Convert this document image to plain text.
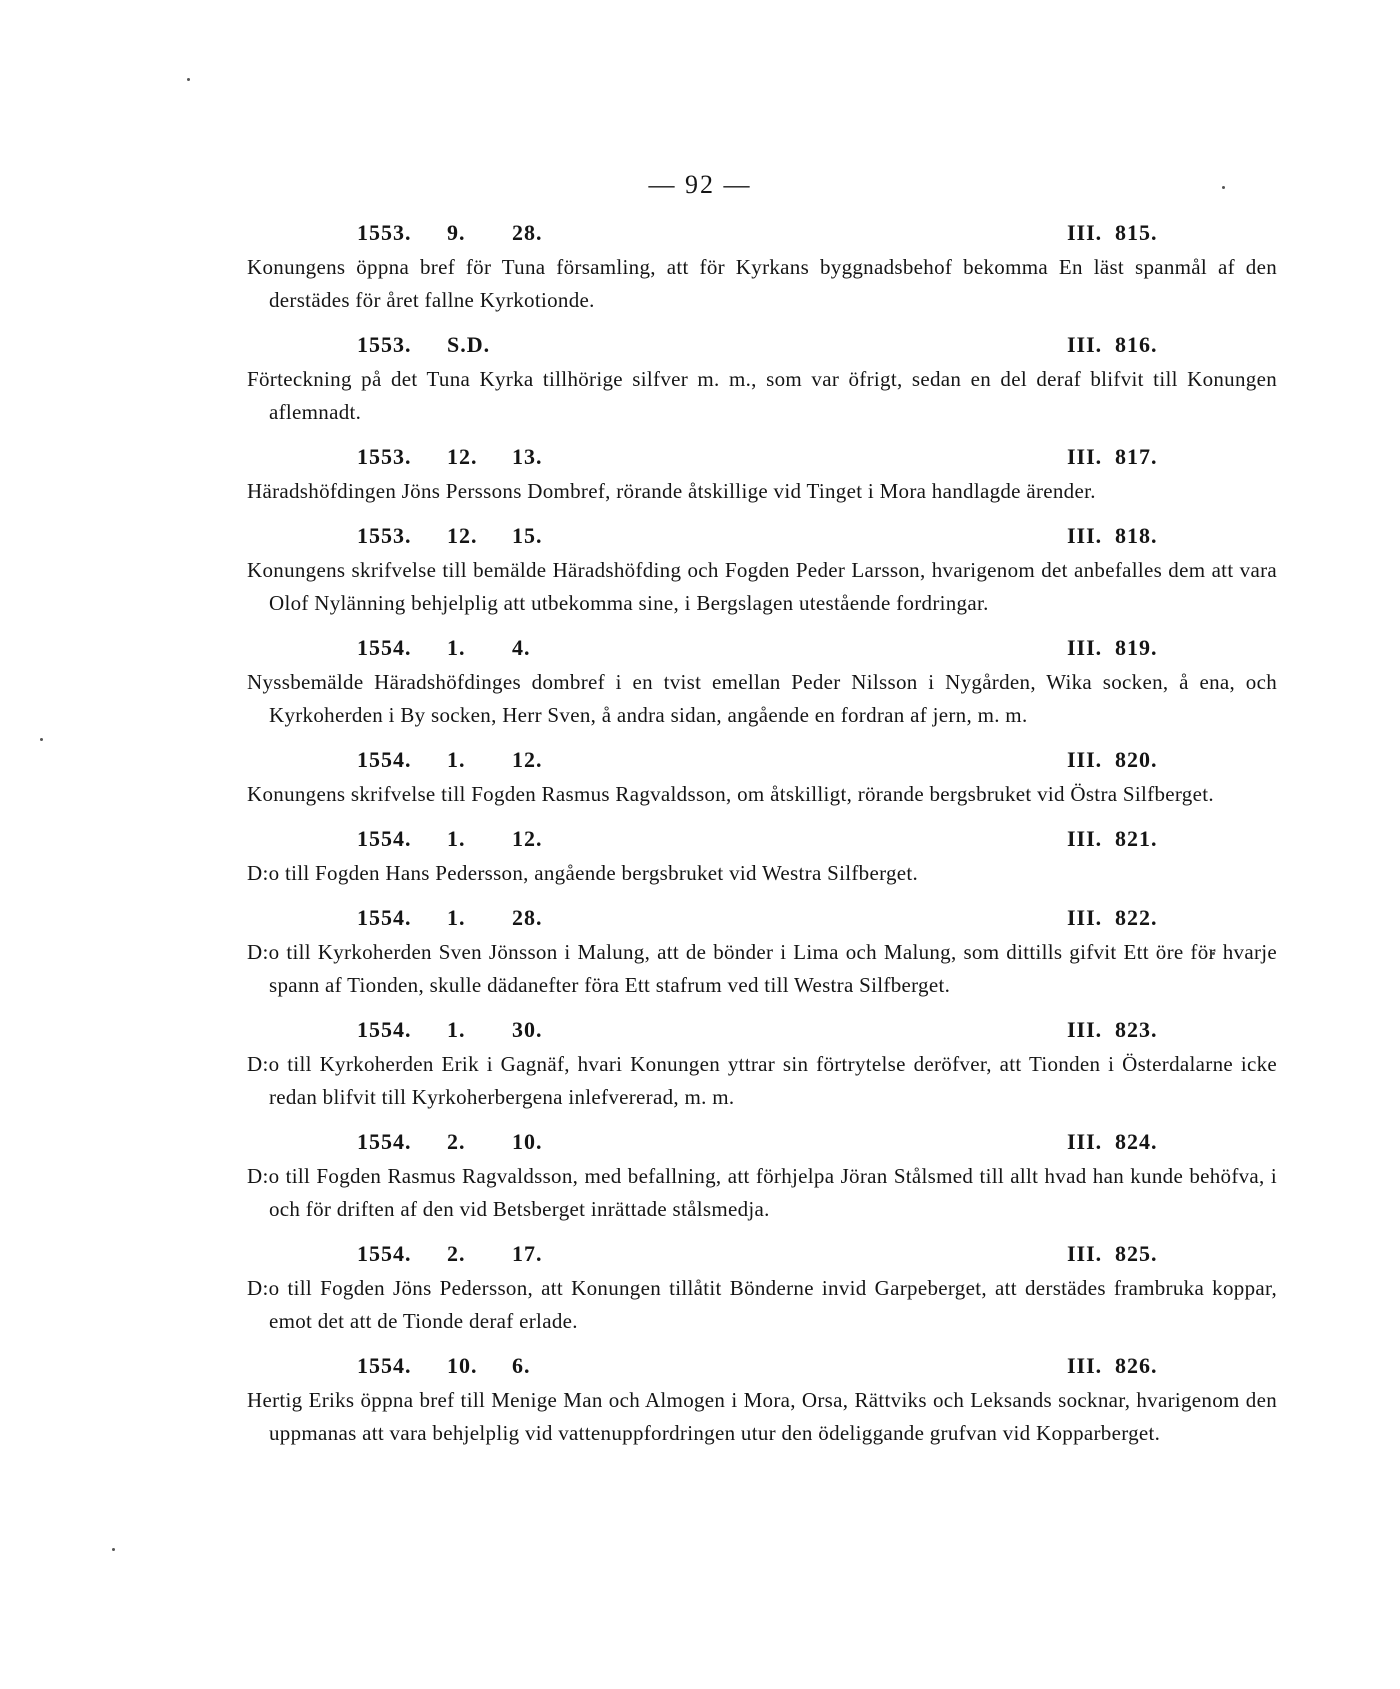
— 92 —
1553.	9.	28.	III. 815.

Konungens öppna bref för Tuna församling, att för Kyrkans byggnadsbehof bekomma En läst spanmål af den derstädes för året fallne Kyrkotionde.

1553.	S.D.	III. 816.

Förteckning på det Tuna Kyrka tillhörige silfver m. m., som var öfrigt, sedan en del deraf blifvit till Konungen aflemnadt.

1553.	12.	13.	III. 817.

Häradshöfdingen Jöns Perssons Dombref, rörande åtskillige vid Tinget i Mora handlagde ärender.

1553.	12.	15.	III. 818.

Konungens skrifvelse till bemälde Häradshöfding och Fogden Peder Larsson, hvarigenom det anbefalles dem att vara Olof Nylänning behjelplig att utbekomma sine, i Bergslagen utestående fordringar.

1554.	1.	4.	III. 819.

Nyssbemälde Häradshöfdinges dombref i en tvist emellan Peder Nilsson i Nygården, Wika socken, å ena, och Kyrkoherden i By socken, Herr Sven, å andra sidan, angående en fordran af jern, m. m.

1554.	1.	12.	III. 820.

Konungens skrifvelse till Fogden Rasmus Ragvaldsson, om åtskilligt, rörande bergsbruket vid Östra Silfberget.

1554.	1.	12.	III. 821.

D:o till Fogden Hans Pedersson, angående bergsbruket vid Westra Silfberget.

1554.	1.	28.	III. 822.

D:o till Kyrkoherden Sven Jönsson i Malung, att de bönder i Lima och Malung, som dittills gifvit Ett öre för hvarje spann af Tionden, skulle dädanefter föra Ett stafrum ved till Westra Silfberget.

1554.	1.	30.	III. 823.

D:o till Kyrkoherden Erik i Gagnäf, hvari Konungen yttrar sin förtrytelse deröfver, att Tionden i Österdalarne icke redan blifvit till Kyrkoherbergena inlefvererad, m. m.

1554.	2.	10.	III. 824.

D:o till Fogden Rasmus Ragvaldsson, med befallning, att förhjelpa Jöran Stålsmed till allt hvad han kunde behöfva, i och för driften af den vid Betsberget inrättade stålsmedja.

1554.	2.	17.	III. 825.

D:o till Fogden Jöns Pedersson, att Konungen tillåtit Bönderne invid Garpeberget, att derstädes frambruka koppar, emot det att de Tionde deraf erlade.

1554.	10.	6.	III. 826.

Hertig Eriks öppna bref till Menige Man och Almogen i Mora, Orsa, Rättviks och Leksands socknar, hvarigenom den uppmanas att vara behjelplig vid vattenuppfordringen utur den ödeliggande grufvan vid Kopparberget.
